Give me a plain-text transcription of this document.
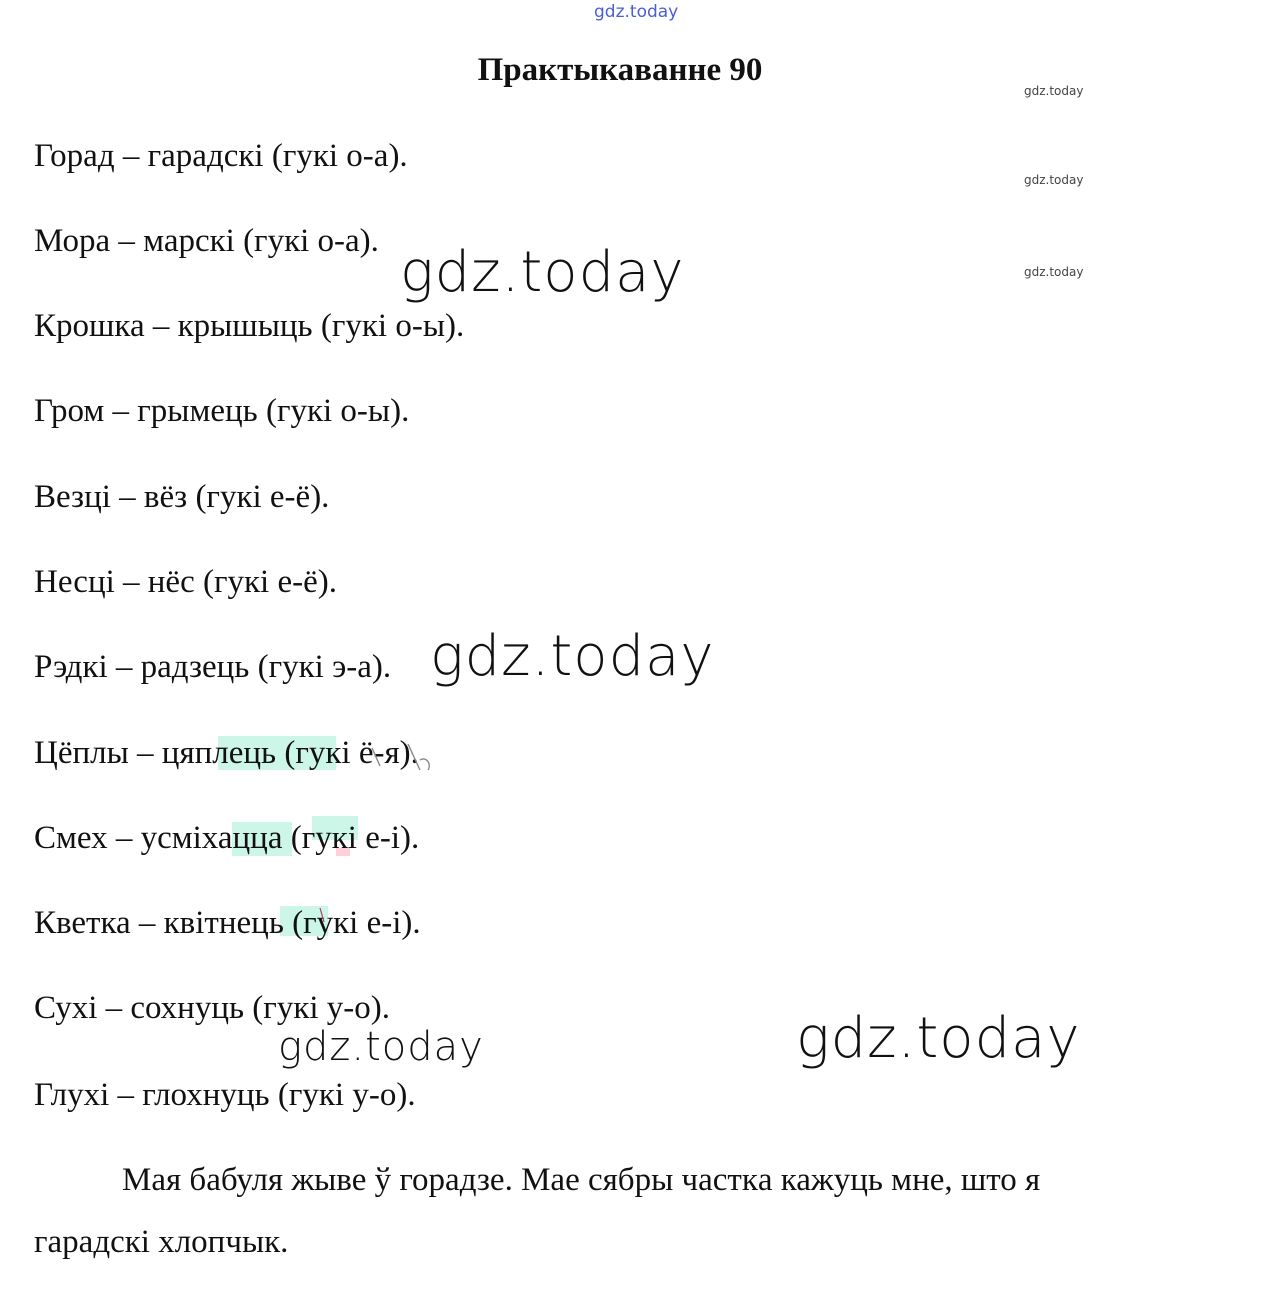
gdz.today
Практыкаванне 90
gdz.today
gdz.today
gdz.today
Горад – гарадскі (гукі о-а).
Мора – марскі (гукі о-а).
Крошка – крышыць (гукі о-ы).
Гром – грымець (гукі о-ы).
Везці – вёз (гукі е-ё).
Несці – нёс (гукі е-ё).
Рэдкі – радзець (гукі э-а).
Цёплы – цяплець (гукі ё-я).
Смех – усміхацца (гукі е-і).
Кветка – квітнець (гукі е-і).
Сухі – сохнуць (гукі у-о).
Глухі – глохнуць (гукі у-о).
Мая бабуля жыве ў горадзе. Мае сябры часткa кажуць мне, што я
гарадскі хлопчык.
gdz.today
gdz.today
gdz.today	gdz.today
